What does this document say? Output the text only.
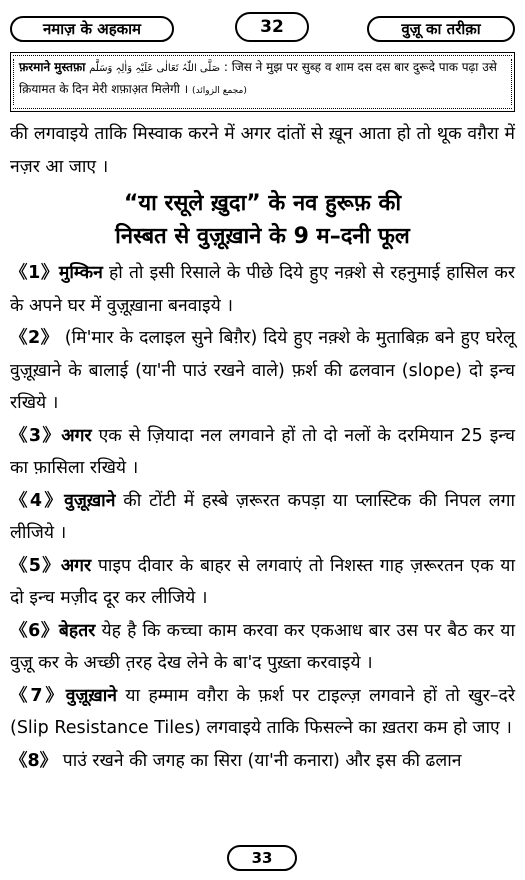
नमाज़ के अहकाम	32	वुज़ू का तरीक़ा
फ़रमाने मुस्तफ़ा صَلَّی اللّٰہُ تَعَالٰی عَلَیْہِ وَاٰلِہٖ وَسَلَّم : जिस ने मुझ पर सुब्ह व शाम दस दस बार दुरूदे पाक पढ़ा उसे क़ियामत के दिन मेरी शफ़ाअ़त मिलेगी । (مجمع الزوائد)

की लगवाइये ताकि मिस्वाक करने में अगर दांतों से ख़ून आता हो तो थूक वग़ैरा में नज़र आ जाए ।

“या रसूले ख़ुदा” के नव हुरूफ़ की
निस्बत से वुज़ूख़ाने के 9 म–दनी फूल

《1》मुम्किन हो तो इसी रिसाले के पीछे दिये हुए नक़्शे से रहनुमाई हासिल कर के अपने घर में वुज़ूख़ाना बनवाइये ।

《2》 (मि'मार के दलाइल सुने बिग़ैर) दिये हुए नक़्शे के मुताबिक़ बने हुए घरेलू वुज़ूख़ाने के बालाई (या'नी पाउं रखने वाले) फ़र्श की ढलवान (slope) दो इन्च रखिये ।

《3》अगर एक से ज़ियादा नल लगवाने हों तो दो नलों के दरमियान 25 इन्च का फ़ासिला रखिये ।

《4》वुज़ूख़ाने की टोंटी में हस्बे ज़रूरत कपड़ा या प्लास्टिक की निपल लगा लीजिये ।

《5》अगर पाइप दीवार के बाहर से लगवाएं तो निशस्त गाह ज़रूरतन एक या दो इन्च मज़ीद दूर कर लीजिये ।

《6》बेहतर येह है कि कच्चा काम करवा कर एकआध बार उस पर बैठ कर या वुज़ू कर के अच्छी त़रह देख लेने के बा'द पुख़्ता करवाइये ।

《7》वुज़ूख़ाने या हम्माम वग़ैरा के फ़र्श पर टाइल्ज़ लगवाने हों तो खुर–दरे (Slip Resistance Tiles) लगवाइये ताकि फिसल्ने का ख़तरा कम हो जाए ।

《8》 पाउं रखने की जगह का सिरा (या'नी कनारा) और इस की ढलान

33
